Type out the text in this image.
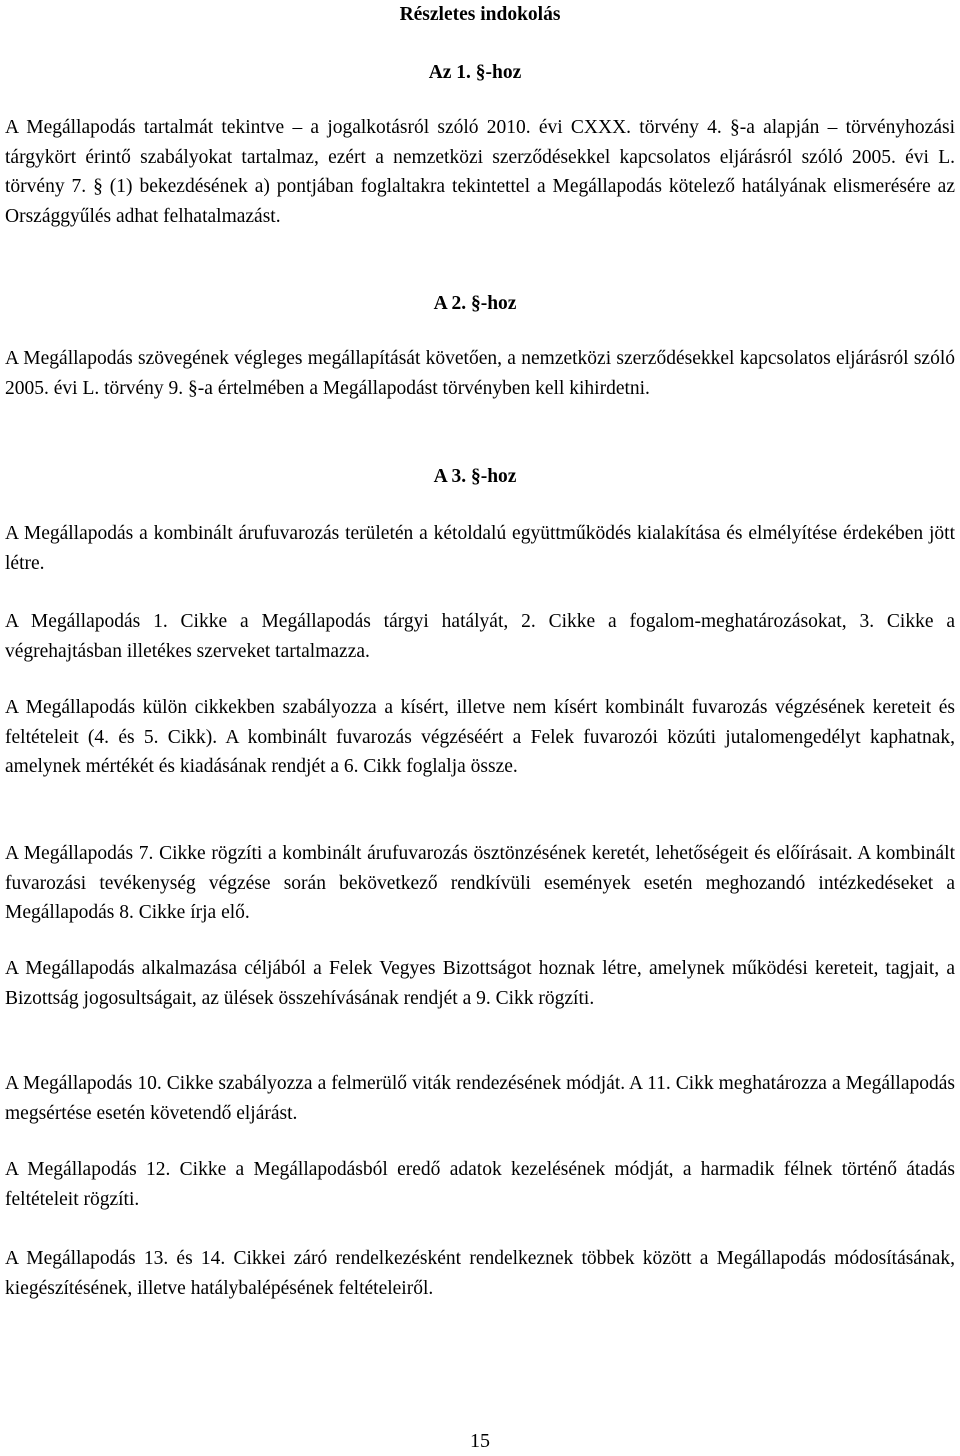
Részletes indokolás
Az 1. §-hoz

A Megállapodás tartalmát tekintve – a jogalkotásról szóló 2010. évi CXXX. törvény 4. §-a alapján – törvényhozási tárgykört érintő szabályokat tartalmaz, ezért a nemzetközi szerződésekkel kapcsolatos eljárásról szóló 2005. évi L. törvény 7. § (1) bekezdésének a) pontjában foglaltakra tekintettel a Megállapodás kötelező hatályának elismerésére az Országgyűlés adhat felhatalmazást.

A 2. §-hoz

A Megállapodás szövegének végleges megállapítását követően, a nemzetközi szerződésekkel kapcsolatos eljárásról szóló 2005. évi L. törvény 9. §-a értelmében a Megállapodást törvényben kell kihirdetni.

A 3. §-hoz

A Megállapodás a kombinált árufuvarozás területén a kétoldalú együttműködés kialakítása és elmélyítése érdekében jött létre.

A Megállapodás 1. Cikke a Megállapodás tárgyi hatályát, 2. Cikke a fogalom-meghatározásokat, 3. Cikke a végrehajtásban illetékes szerveket tartalmazza.

A Megállapodás külön cikkekben szabályozza a kísért, illetve nem kísért kombinált fuvarozás végzésének kereteit és feltételeit (4. és 5. Cikk). A kombinált fuvarozás végzéséért a Felek fuvarozói közúti jutalomengedélyt kaphatnak, amelynek mértékét és kiadásának rendjét a 6. Cikk foglalja össze.

A Megállapodás 7. Cikke rögzíti a kombinált árufuvarozás ösztönzésének keretét, lehetőségeit és előírásait. A kombinált fuvarozási tevékenység végzése során bekövetkező rendkívüli események esetén meghozandó intézkedéseket a Megállapodás 8. Cikke írja elő.

A Megállapodás alkalmazása céljából a Felek Vegyes Bizottságot hoznak létre, amelynek működési kereteit, tagjait, a Bizottság jogosultságait, az ülések összehívásának rendjét a 9. Cikk rögzíti.

A Megállapodás 10. Cikke szabályozza a felmerülő viták rendezésének módját. A 11. Cikk meghatározza a Megállapodás megsértése esetén követendő eljárást.

A Megállapodás 12. Cikke a Megállapodásból eredő adatok kezelésének módját, a harmadik félnek történő átadás feltételeit rögzíti.

A Megállapodás 13. és 14. Cikkei záró rendelkezésként rendelkeznek többek között a Megállapodás módosításának, kiegészítésének, illetve hatálybalépésének feltételeiről.

15
